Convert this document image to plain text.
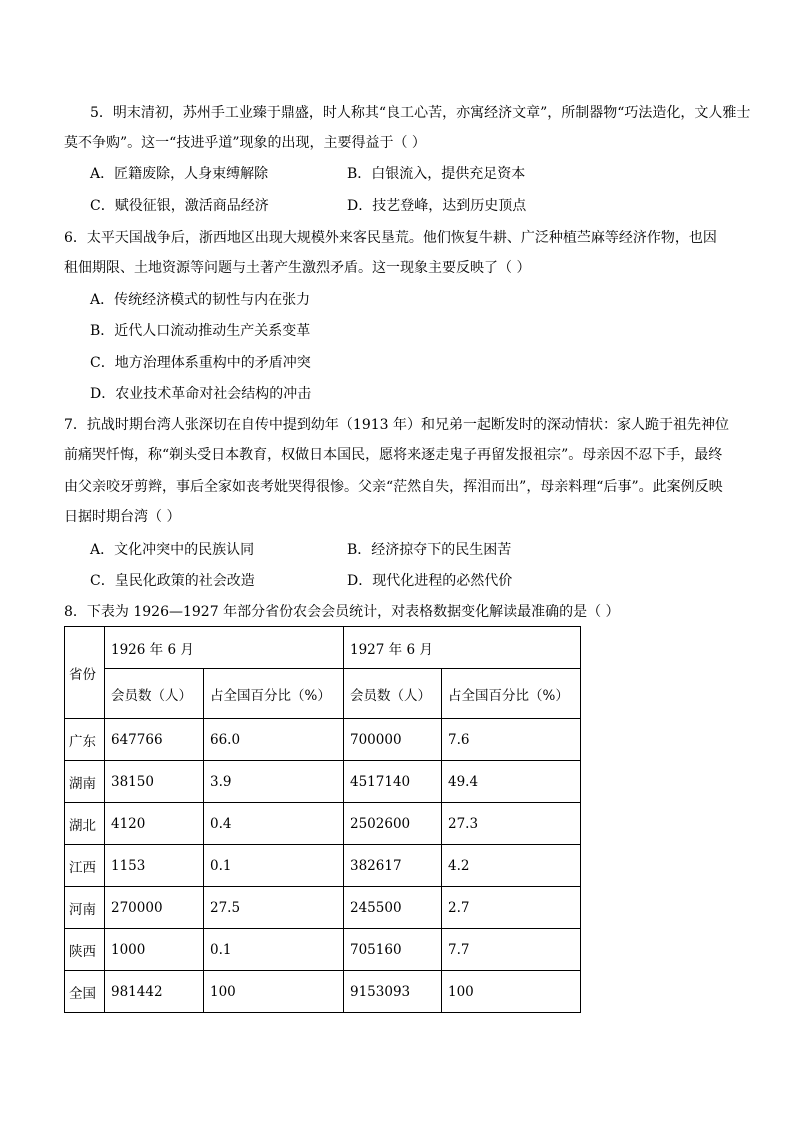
5．明末清初，苏州手工业臻于鼎盛，时人称其“良工心苦，亦寓经济文章”，所制器物“巧法造化，文人雅士
莫不争购”。这一“技进乎道”现象的出现，主要得益于（ ）
A．匠籍废除，人身束缚解除	B．白银流入，提供充足资本
C．赋役征银，激活商品经济	D．技艺登峰，达到历史顶点
6．太平天国战争后，浙西地区出现大规模外来客民垦荒。他们恢复牛耕、广泛种植苎麻等经济作物，也因
租佃期限、土地资源等问题与土著产生激烈矛盾。这一现象主要反映了（ ）
A．传统经济模式的韧性与内在张力
B．近代人口流动推动生产关系变革
C．地方治理体系重构中的矛盾冲突
D．农业技术革命对社会结构的冲击
7．抗战时期台湾人张深切在自传中提到幼年（1913 年）和兄弟一起断发时的深动情状：家人跪于祖先神位
前痛哭忏悔，称“剃头受日本教育，权做日本国民，愿将来逐走鬼子再留发报祖宗”。母亲因不忍下手，最终
由父亲咬牙剪辫，事后全家如丧考妣哭得很惨。父亲“茫然自失，挥泪而出”，母亲料理“后事”。此案例反映
日据时期台湾（ ）
A．文化冲突中的民族认同	B．经济掠夺下的民生困苦
C．皇民化政策的社会改造	D．现代化进程的必然代价
8．下表为 1926—1927 年部分省份农会会员统计，对表格数据变化解读最准确的是（ ）
省份	1926 年 6 月		1927 年 6 月	
	会员数（人）	占全国百分比（%）	会员数（人）	占全国百分比（%）
广东	647766	66.0	700000	7.6
湖南	38150	3.9	4517140	49.4
湖北	4120	0.4	2502600	27.3
江西	1153	0.1	382617	4.2
河南	270000	27.5	245500	2.7
陕西	1000	0.1	705160	7.7
全国	981442	100	9153093	100
